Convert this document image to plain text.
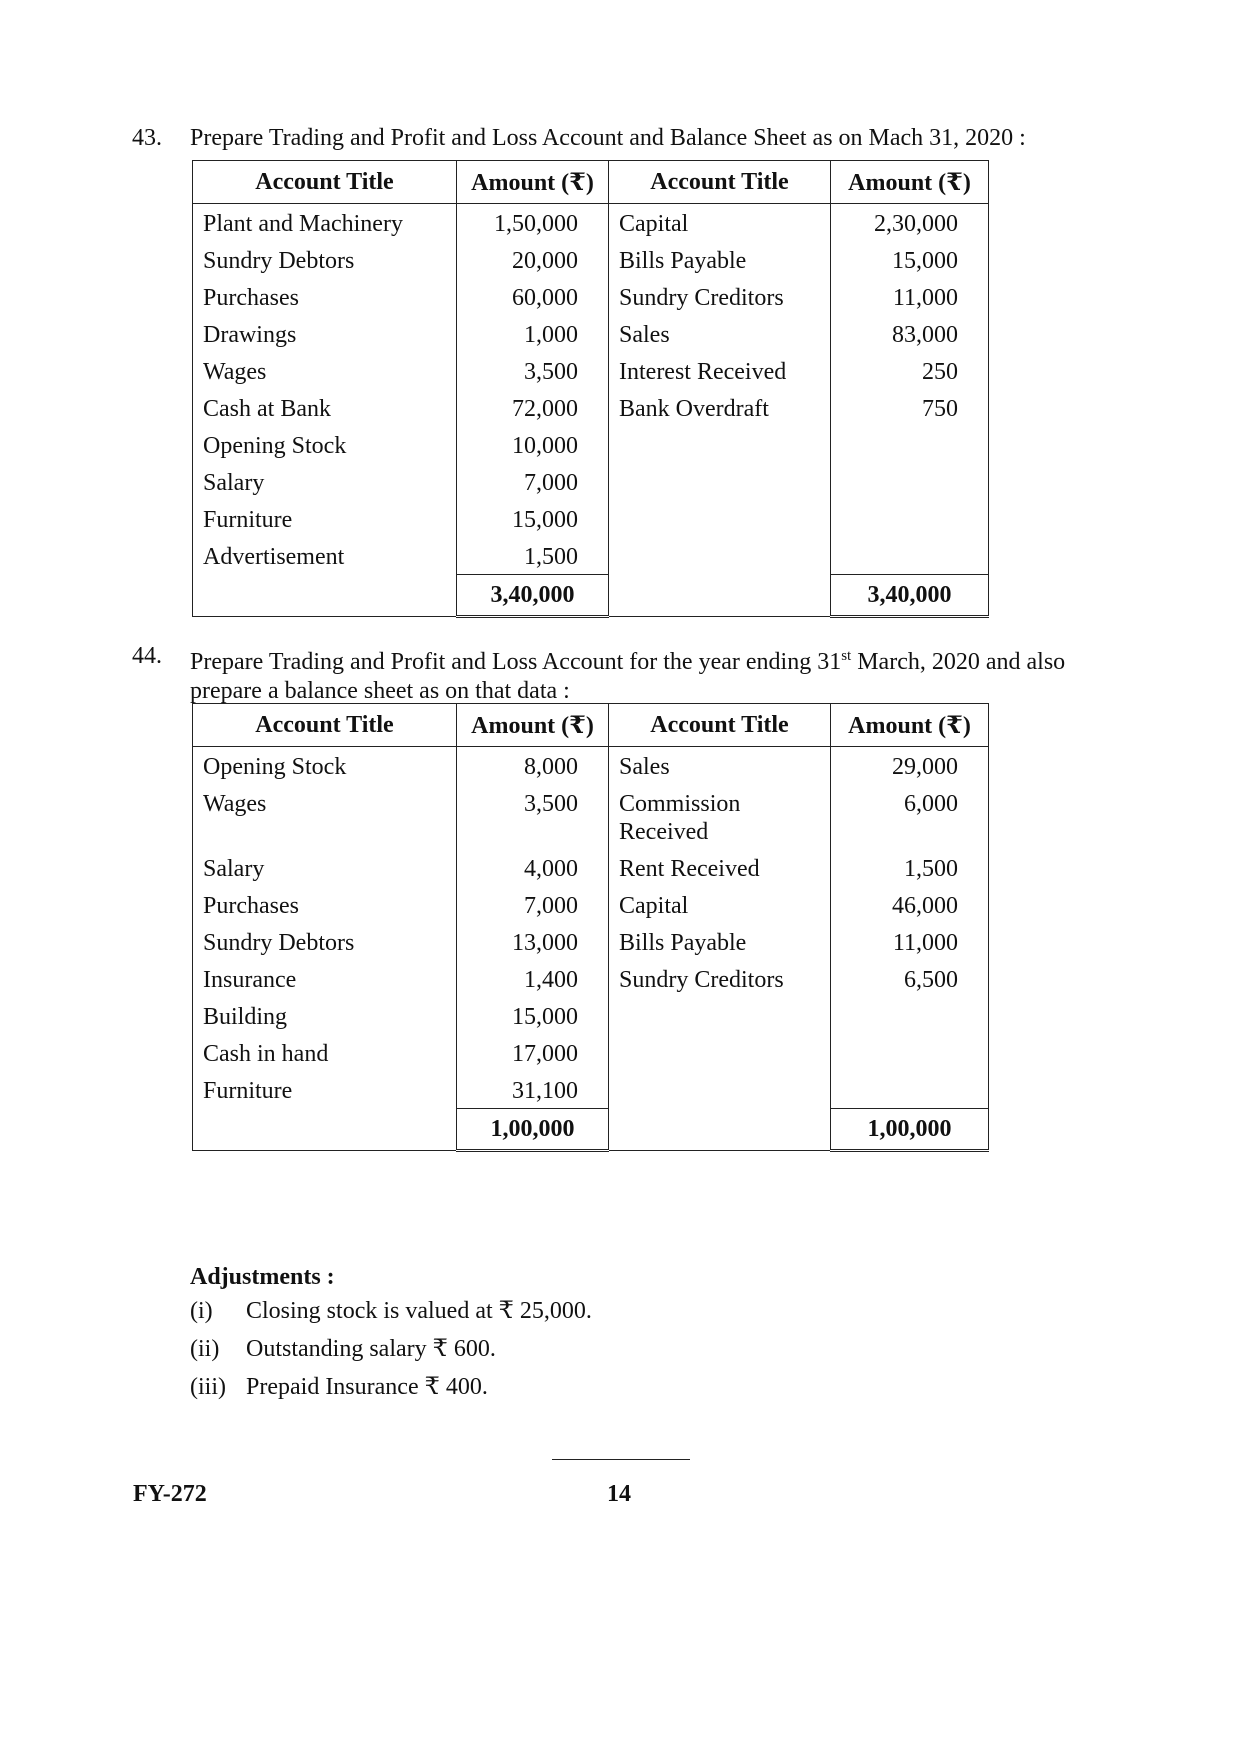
43. Prepare Trading and Profit and Loss Account and Balance Sheet as on Mach 31, 2020 :
Account Title	Amount (₹)	Account Title	Amount (₹)
Plant and Machinery	1,50,000	Capital	2,30,000
Sundry Debtors	20,000	Bills Payable	15,000
Purchases	60,000	Sundry Creditors	11,000
Drawings	1,000	Sales	83,000
Wages	3,500	Interest Received	250
Cash at Bank	72,000	Bank Overdraft	750
Opening Stock	10,000		
Salary	7,000		
Furniture	15,000		
Advertisement	1,500		
	3,40,000		3,40,000
44. Prepare Trading and Profit and Loss Account for the year ending 31st March, 2020 and also prepare a balance sheet as on that data :
Account Title	Amount (₹)	Account Title	Amount (₹)
Opening Stock	8,000	Sales	29,000
Wages	3,500	Commission Received	6,000
Salary	4,000	Rent Received	1,500
Purchases	7,000	Capital	46,000
Sundry Debtors	13,000	Bills Payable	11,000
Insurance	1,400	Sundry Creditors	6,500
Building	15,000		
Cash in hand	17,000		
Furniture	31,100		
	1,00,000		1,00,000
Adjustments :
(i) Closing stock is valued at ₹ 25,000.
(ii) Outstanding salary ₹ 600.
(iii) Prepaid Insurance ₹ 400.
FY-272	14
